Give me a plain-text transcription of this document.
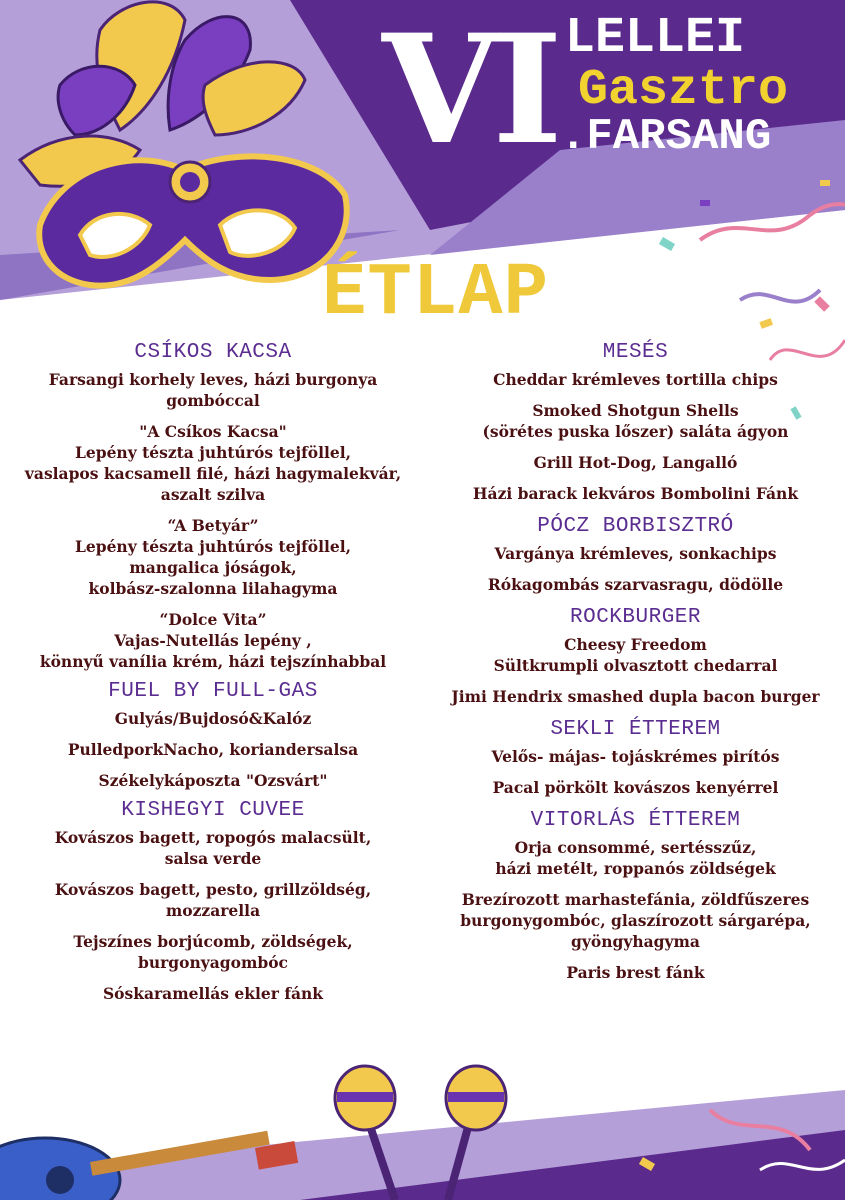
VI LELLEI
Gasztro
.FARSANG
ÉTLAP
CSÍKOS KACSA
Farsangi korhely leves, házi burgonya
gombóccal
"A Csíkos Kacsa"
Lepény tészta juhtúrós tejföllel,
vaslapos kacsamell filé, házi hagymalekvár,
aszalt szilva
“A Betyár”
Lepény tészta juhtúrós tejföllel,
mangalica jóságok,
kolbász-szalonna lilahagyma
“Dolce Vita”
Vajas-Nutellás lepény ,
könnyű vanília krém, házi tejszínhabbal
FUEL BY FULL-GAS
Gulyás/Bujdosó&Kalóz
PulledporkNacho, koriandersalsa
Székelykáposzta "Ozsvárt"
KISHEGYI CUVEE
Kovászos bagett, ropogós malacsült,
salsa verde
Kovászos bagett, pesto, grillzöldség,
mozzarella
Tejszínes borjúcomb, zöldségek,
burgonyagombóc
Sóskaramellás ekler fánk
MESÉS
Cheddar krémleves tortilla chips
Smoked Shotgun Shells
(sörétes puska lőszer) saláta ágyon
Grill Hot-Dog, Langalló
Házi barack lekváros Bombolini Fánk
PÓCZ BORBISZTRÓ
Vargánya krémleves, sonkachips
Rókagombás szarvasragu, dödölle
ROCKBURGER
Cheesy Freedom
Sültkrumpli olvasztott chedarral
Jimi Hendrix smashed dupla bacon burger
SEKLI ÉTTEREM
Velős- májas- tojáskrémes pirítós
Pacal pörkölt kovászos kenyérrel
VITORLÁS ÉTTEREM
Orja consommé, sertésszűz,
házi metélt, roppanós zöldségek
Brezírozott marhastefánia, zöldfűszeres
burgonygombóc, glaszírozott sárgarépa,
gyöngyhagyma
Paris brest fánk
